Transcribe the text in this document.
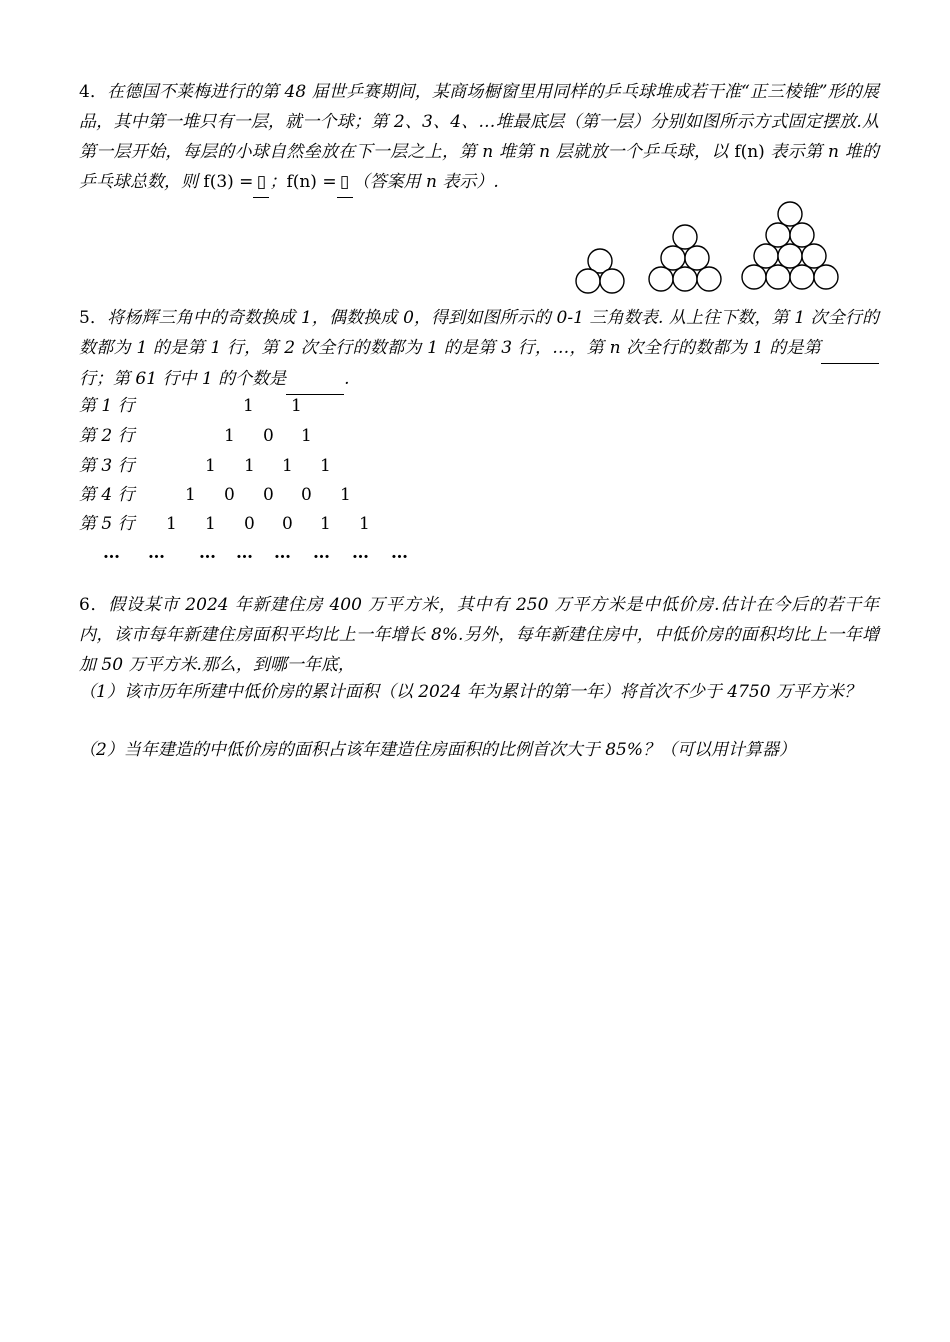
4．在德国不莱梅进行的第 48 届世乒赛期间，某商场橱窗里用同样的乒乓球堆成若干准“正三棱锥”形的展品，其中第一堆只有一层，就一个球；第 2、3、4、…堆最底层（第一层）分别如图所示方式固定摆放.从第一层开始，每层的小球自然垒放在下一层之上，第 n 堆第 n 层就放一个乒乓球，以 f(n) 表示第 n 堆的乒乓球总数，则 f(3) = ▯ ；f(n) = ▯ （答案用 n 表示）.
5．将杨辉三角中的奇数换成 1，偶数换成 0，得到如图所示的 0-1 三角数表. 从上往下数，第 1 次全行的数都为 1 的是第 1 行，第 2 次全行的数都为 1 的是第 3 行，…，第 n 次全行的数都为 1 的是第 行；第 61 行中 1 的个数是	.
第 1 行	1 1
第 2 行	1 0 1
第 3 行	1 1 1 1
第 4 行	1 0 0 0 1
第 5 行 1 1 0 0 1 1
… … … … … … … …
6．假设某市 2024 年新建住房 400 万平方米，其中有 250 万平方米是中低价房.估计在今后的若干年内，该市每年新建住房面积平均比上一年增长 8%.另外，每年新建住房中，中低价房的面积均比上一年增加 50 万平方米.那么，到哪一年底，
（1）该市历年所建中低价房的累计面积（以 2024 年为累计的第一年）将首次不少于 4750 万平方米？
（2）当年建造的中低价房的面积占该年建造住房面积的比例首次大于 85%？（可以用计算器）
